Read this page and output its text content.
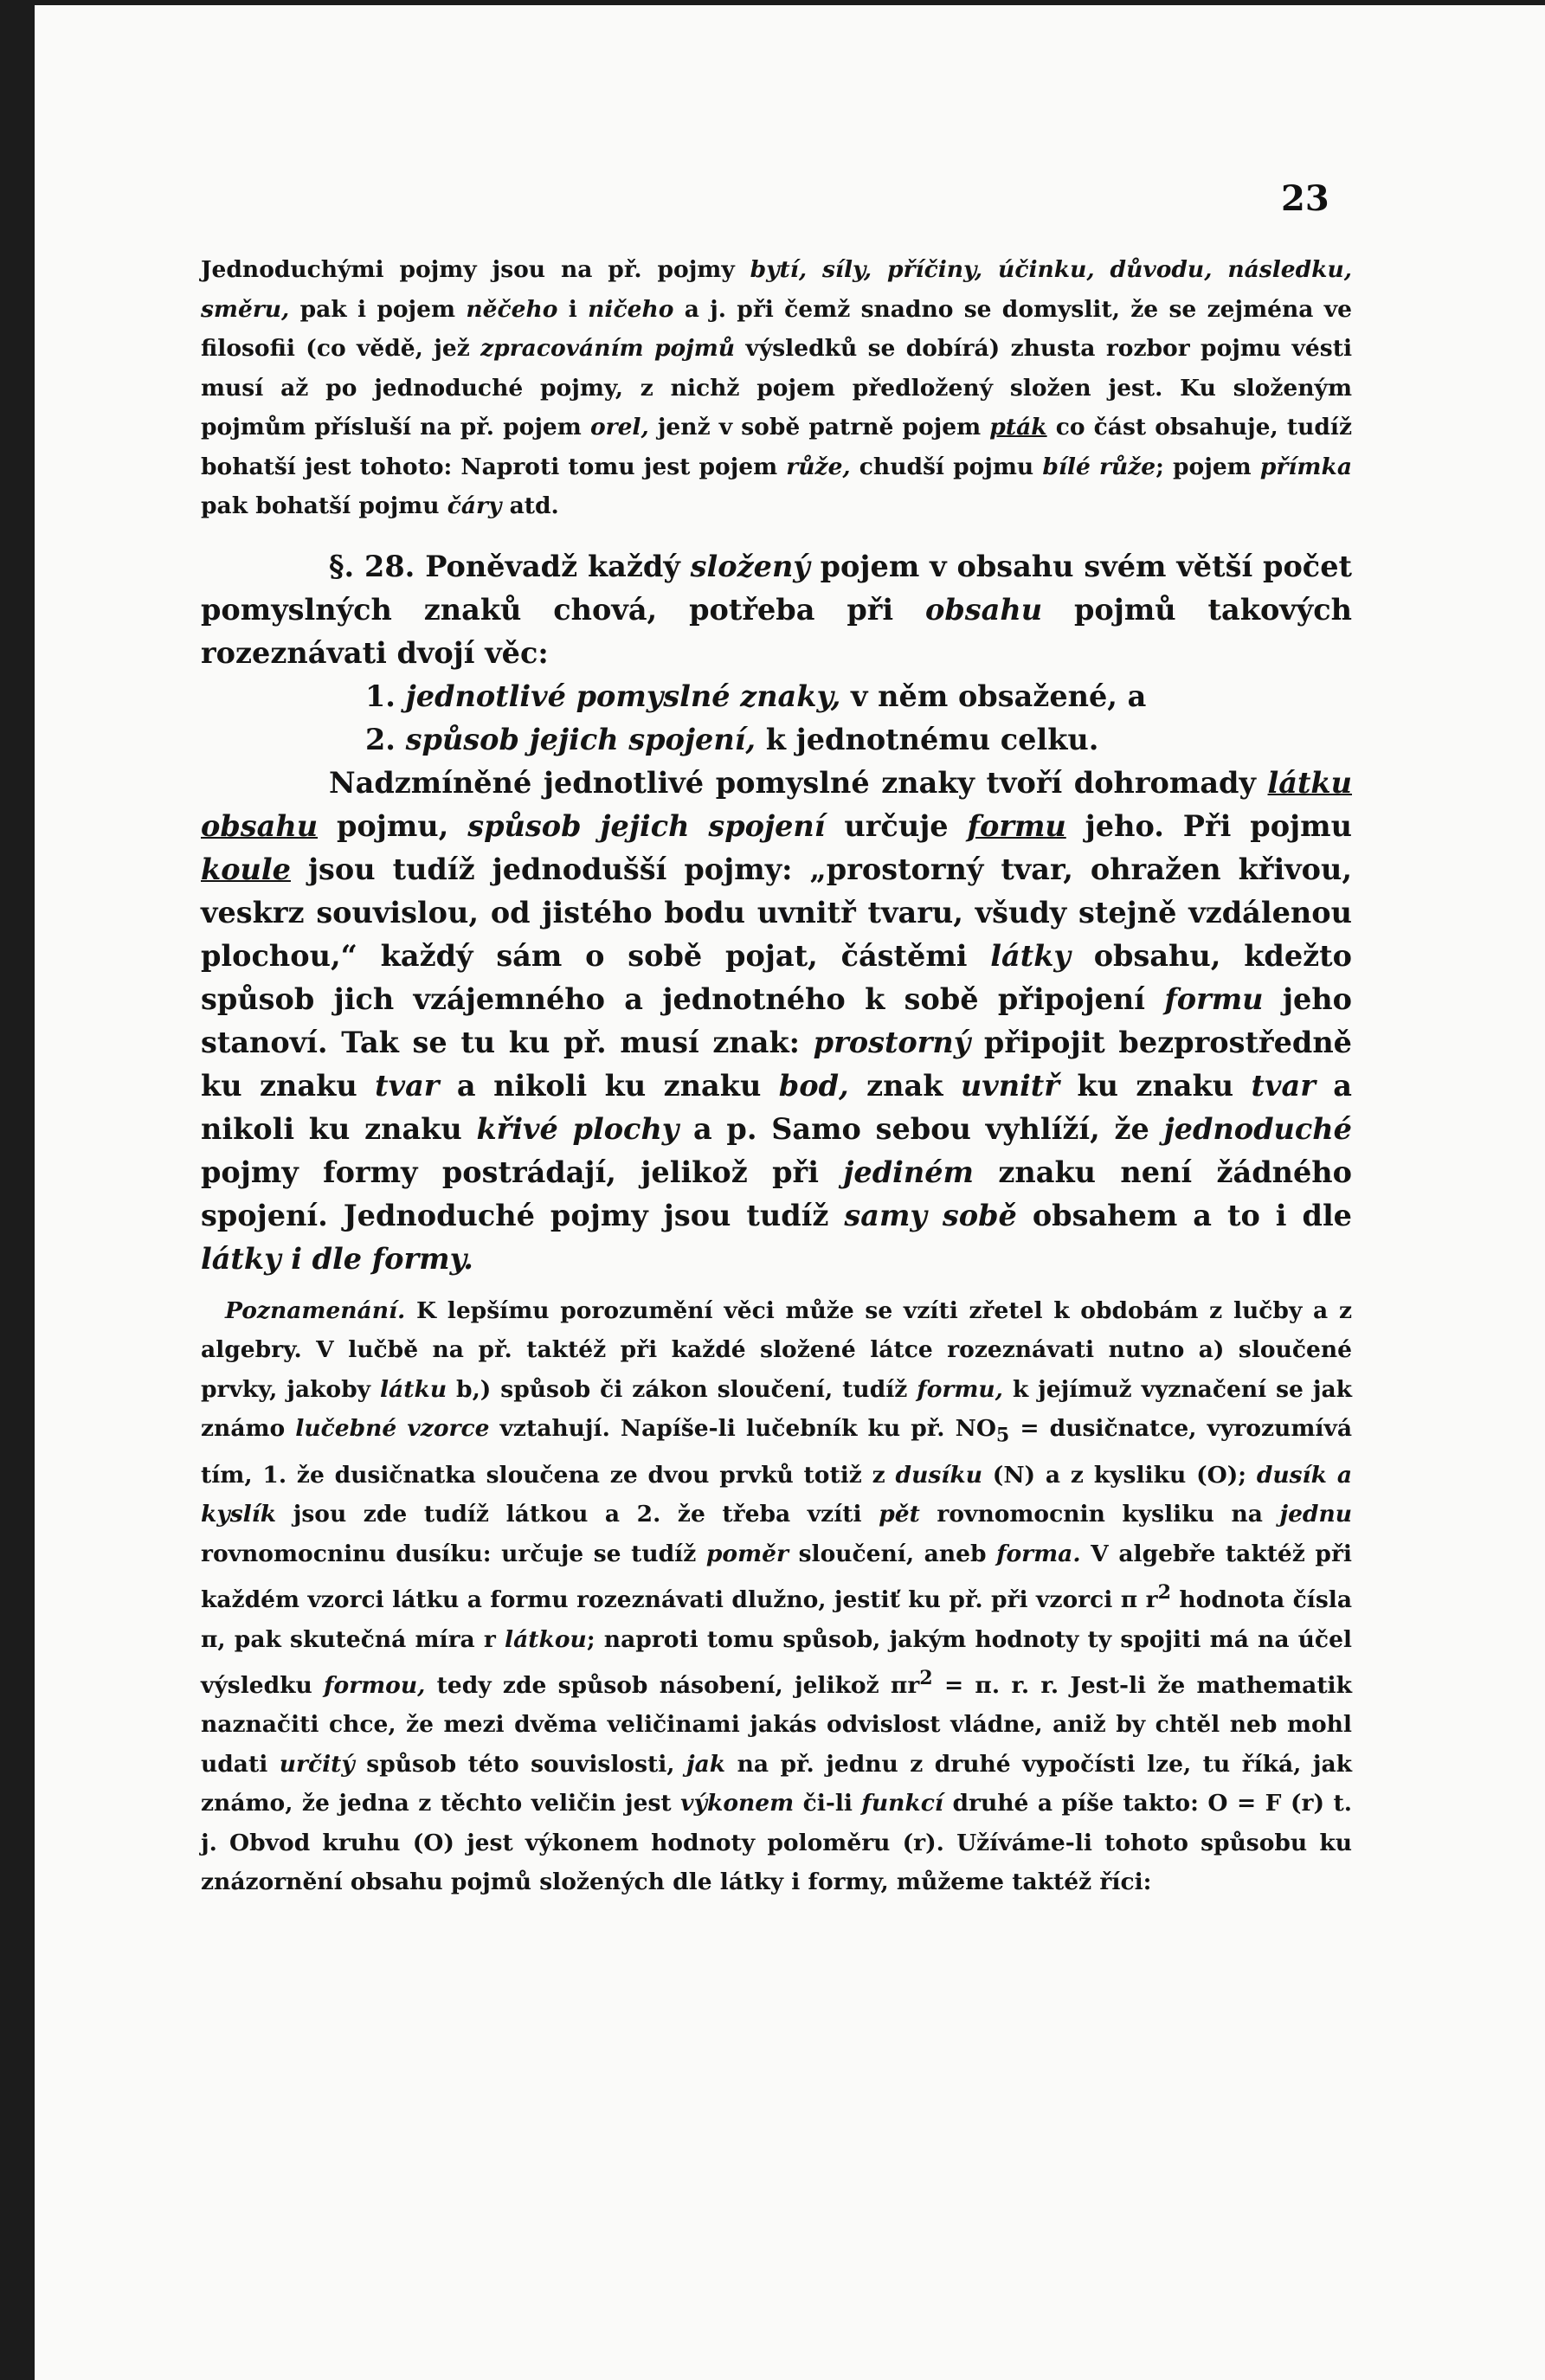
23

Jednoduchými pojmy jsou na př. pojmy bytí, síly, příčiny, účinku, důvodu, následku, směru, pak i pojem něčeho i ničeho a j. při čemž snadno se domyslit, že se zejména ve filosofii (co vědě, jež zpracováním pojmů výsledků se dobírá) zhusta rozbor pojmu vésti musí až po jednoduché pojmy, z nichž pojem předložený složen jest. Ku složeným pojmům přísluší na př. pojem orel, jenž v sobě patrně pojem pták co část obsahuje, tudíž bohatší jest tohoto: Naproti tomu jest pojem růže, chudší pojmu bílé růže; pojem přímka pak bohatší pojmu čáry atd.

§. 28. Poněvadž každý složený pojem v obsahu svém větší počet pomyslných znaků chová, potřeba při obsahu pojmů takových rozeznávati dvojí věc:

1. jednotlivé pomyslné znaky, v něm obsažené, a

2. spůsob jejich spojení, k jednotnému celku.

Nadzmíněné jednotlivé pomyslné znaky tvoří dohromady látku obsahu pojmu, spůsob jejich spojení určuje formu jeho. Při pojmu koule jsou tudíž jednodušší pojmy: „prostorný tvar, ohražen křivou, veskrz souvislou, od jistého bodu uvnitř tvaru, všudy stejně vzdálenou plochou,“ každý sám o sobě pojat, částěmi látky obsahu, kdežto spůsob jich vzájemného a jednotného k sobě připojení formu jeho stanoví. Tak se tu ku př. musí znak: prostorný připojit bezprostředně ku znaku tvar a nikoli ku znaku bod, znak uvnitř ku znaku tvar a nikoli ku znaku křivé plochy a p. Samo sebou vyhlíží, že jednoduché pojmy formy postrádají, jelikož při jediném znaku není žádného spojení. Jednoduché pojmy jsou tudíž samy sobě obsahem a to i dle látky i dle formy.

Poznamenání. K lepšímu porozumění věci může se vzíti zřetel k obdobám z lučby a z algebry. V lučbě na př. taktéž při každé složené látce rozeznávati nutno a) sloučené prvky, jakoby látku b,) spůsob či zákon sloučení, tudíž formu, k jejímuž vyznačení se jak známo lučebné vzorce vztahují. Napíše-li lučebník ku př. $NO_5$ = dusičnatce, vyrozumívá tím, 1. že dusičnatka sloučena ze dvou prvků totiž z dusíku (N) a z kysliku (O); dusík a kyslík jsou zde tudíž látkou a 2. že třeba vzíti pět rovnomocnin kysliku na jednu rovnomocninu dusíku: určuje se tudíž poměr sloučení, aneb forma. V algebře taktéž při každém vzorci látku a formu rozeznávati dlužno, jestiť ku př. při vzorci π $r^2$ hodnota čísla π, pak skutečná míra r látkou; naproti tomu spůsob, jakým hodnoty ty spojiti má na účel výsledku formou, tedy zde spůsob násobení, jelikož $\pi r^2 = \pi$. r. r. Jest-li že mathematik naznačiti chce, že mezi dvěma veličinami jakás odvislost vládne, aniž by chtěl neb mohl udati určitý spůsob této souvislosti, jak na př. jednu z druhé vypočísti lze, tu říká, jak známo, že jedna z těchto veličin jest výkonem či-li funkcí druhé a píše takto: O = F (r) t. j. Obvod kruhu (O) jest výkonem hodnoty poloměru (r). Užíváme-li tohoto spůsobu ku znázornění obsahu pojmů složených dle látky i formy, můžeme taktéž říci:
